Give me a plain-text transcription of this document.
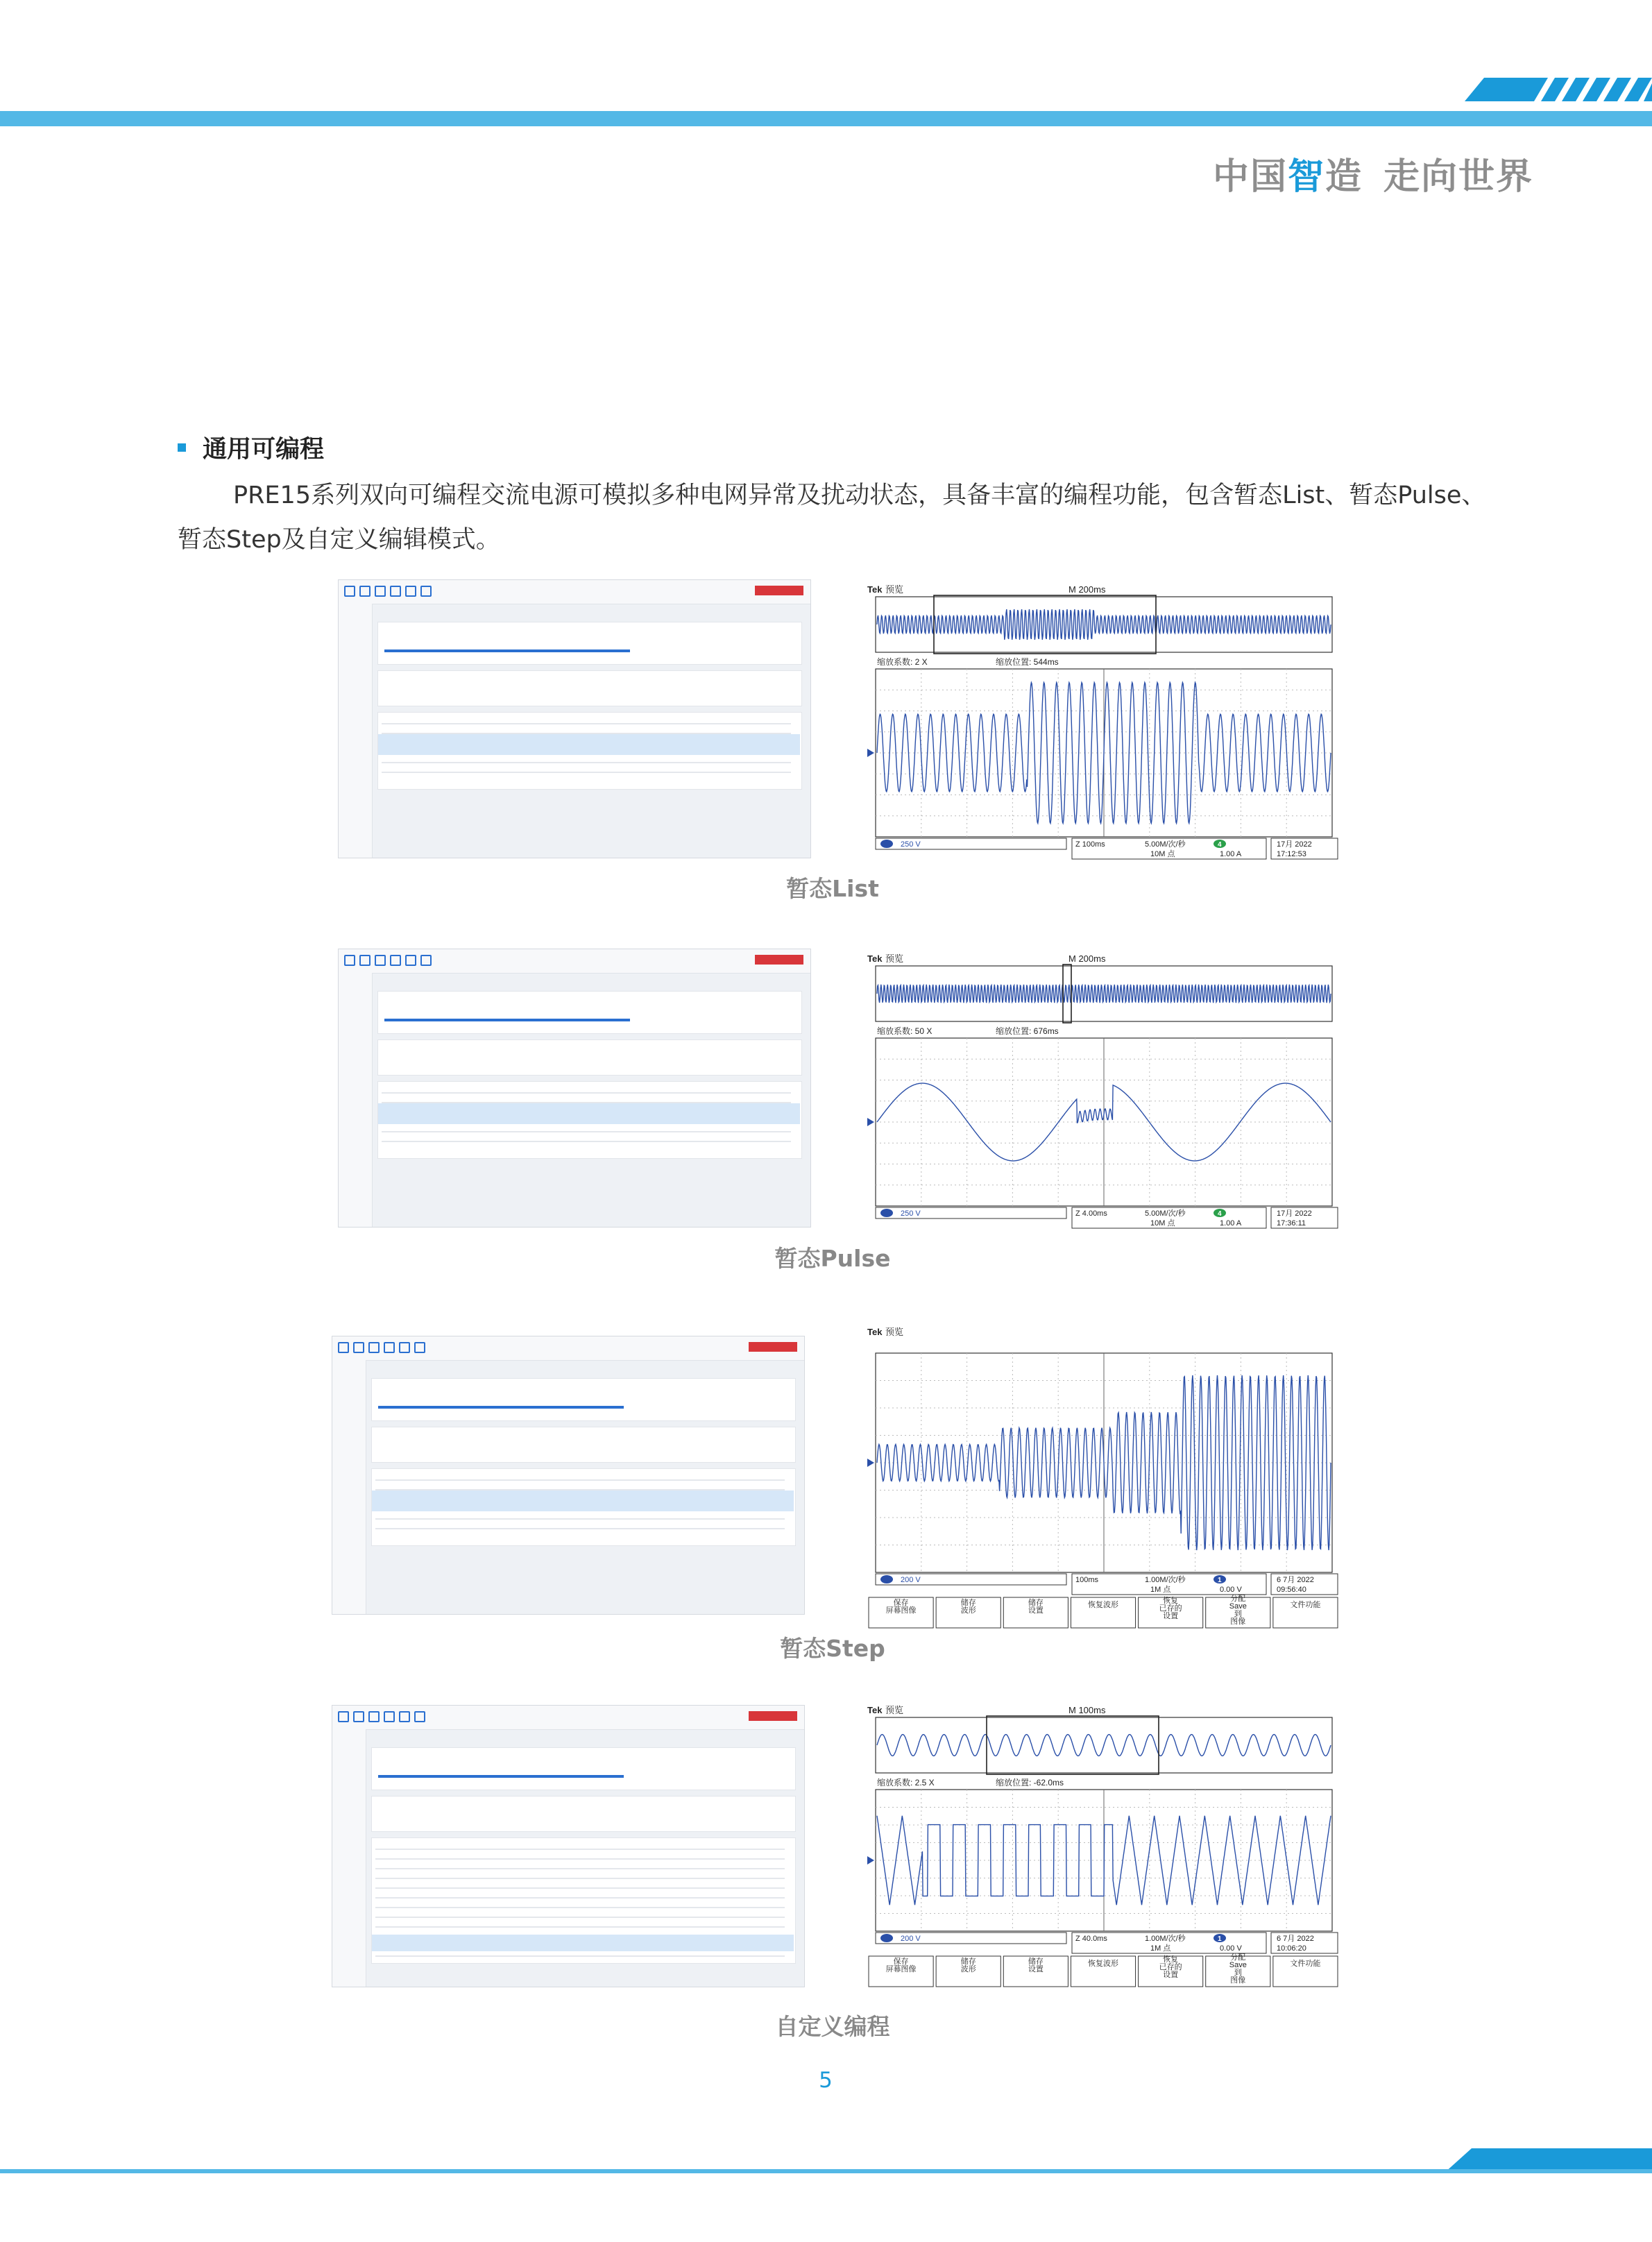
中国智造 走向世界
通用可编程
PRE15系列双向可编程交流电源可模拟多种电网异常及扰动状态，具备丰富的编程功能，包含暂态List、暂态Pulse、暂态Step及自定义编辑模式。
Tek 预览	M 200ms
缩放系数: 2 X	缩放位置: 544ms
250 V	Z 100ms	5.00M/次/秒
10M 点
4
1.00 A
17月 2022
17:12:53
暂态List
Tek 预览	M 200ms
缩放系数: 50 X	缩放位置: 676ms
250 V	Z 4.00ms	5.00M/次/秒
10M 点
4
1.00 A
17月 2022
17:36:11
暂态Pulse
Tek 预览
200 V	100ms	1.00M/次/秒
1M 点
1
0.00 V
6 7月 2022
09:56:40
保存
屏幕图像
储存
波形
储存
设置
恢复波形	恢复
已存的
设置
分配
Save
到
图像
文件功能
暂态Step
Tek 预览	M 100ms
缩放系数: 2.5 X	缩放位置: -62.0ms
200 V	Z 40.0ms	1.00M/次/秒
1M 点
1
0.00 V
6 7月 2022
10:06:20
保存
屏幕图像
储存
波形
储存
设置
恢复波形	恢复
已存的
设置
分配
Save
到
图像
文件功能
自定义编程
5
